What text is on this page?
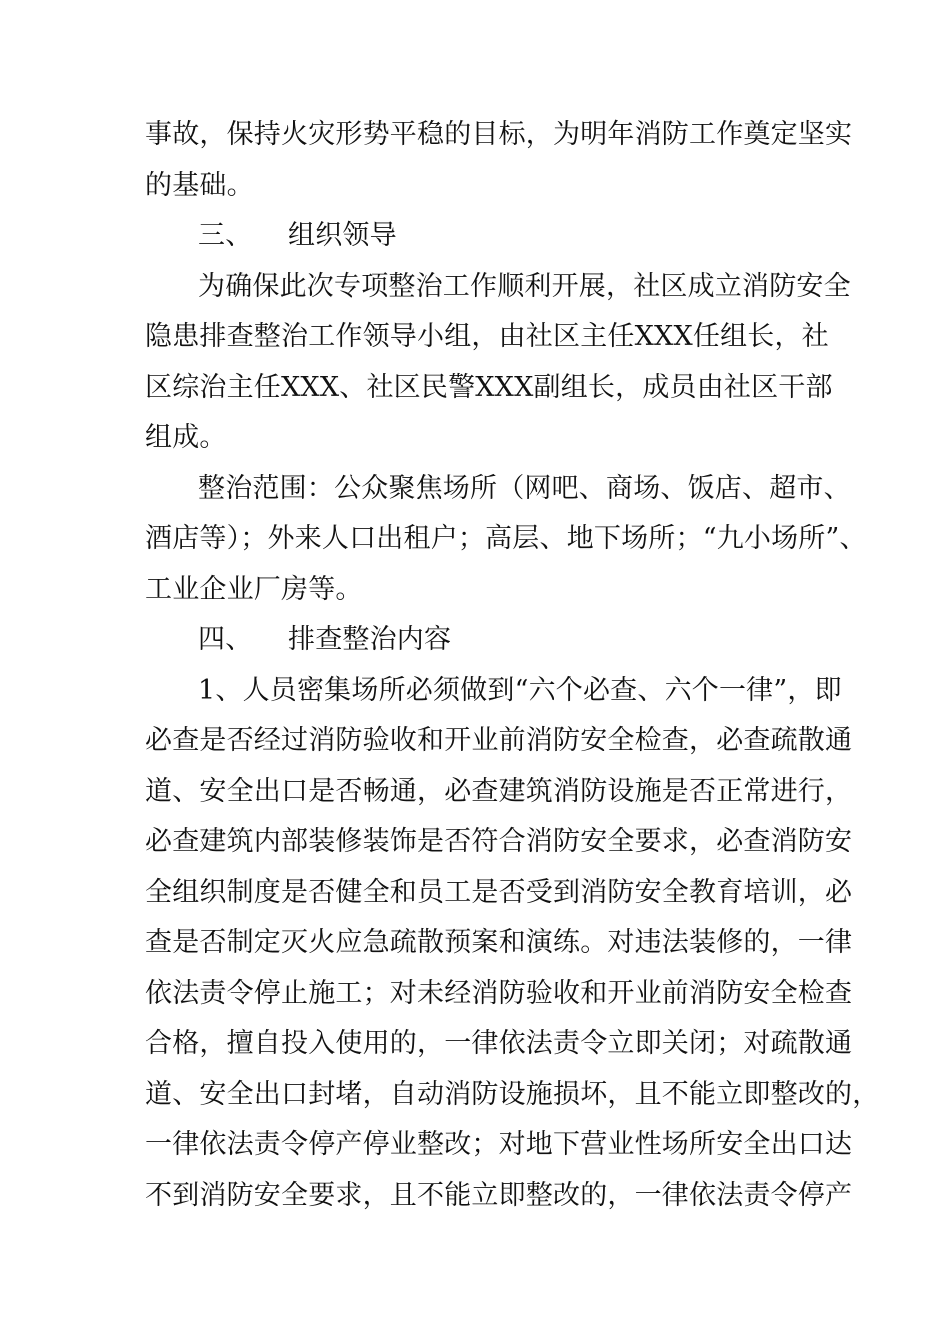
事故，保持火灾形势平稳的目标，为明年消防工作奠定坚实
的基础。
三、 组织领导
为确保此次专项整治工作顺利开展，社区成立消防安全
隐患排查整治工作领导小组，由社区主任XXX任组长，社
区综治主任XXX、社区民警XXX副组长，成员由社区干部
组成。
整治范围：公众聚焦场所（网吧、商场、饭店、超市、
酒店等）；外来人口出租户；高层、地下场所；“九小场所”、
工业企业厂房等。
四、 排查整治内容
1、人员密集场所必须做到“六个必查、六个一律”，即
必查是否经过消防验收和开业前消防安全检查，必查疏散通
道、安全出口是否畅通，必查建筑消防设施是否正常进行，
必查建筑内部装修装饰是否符合消防安全要求，必查消防安
全组织制度是否健全和员工是否受到消防安全教育培训，必
查是否制定灭火应急疏散预案和演练。对违法装修的，一律
依法责令停止施工；对未经消防验收和开业前消防安全检查
合格，擅自投入使用的，一律依法责令立即关闭；对疏散通
道、安全出口封堵，自动消防设施损坏，且不能立即整改的，
一律依法责令停产停业整改；对地下营业性场所安全出口达
不到消防安全要求，且不能立即整改的，一律依法责令停产
